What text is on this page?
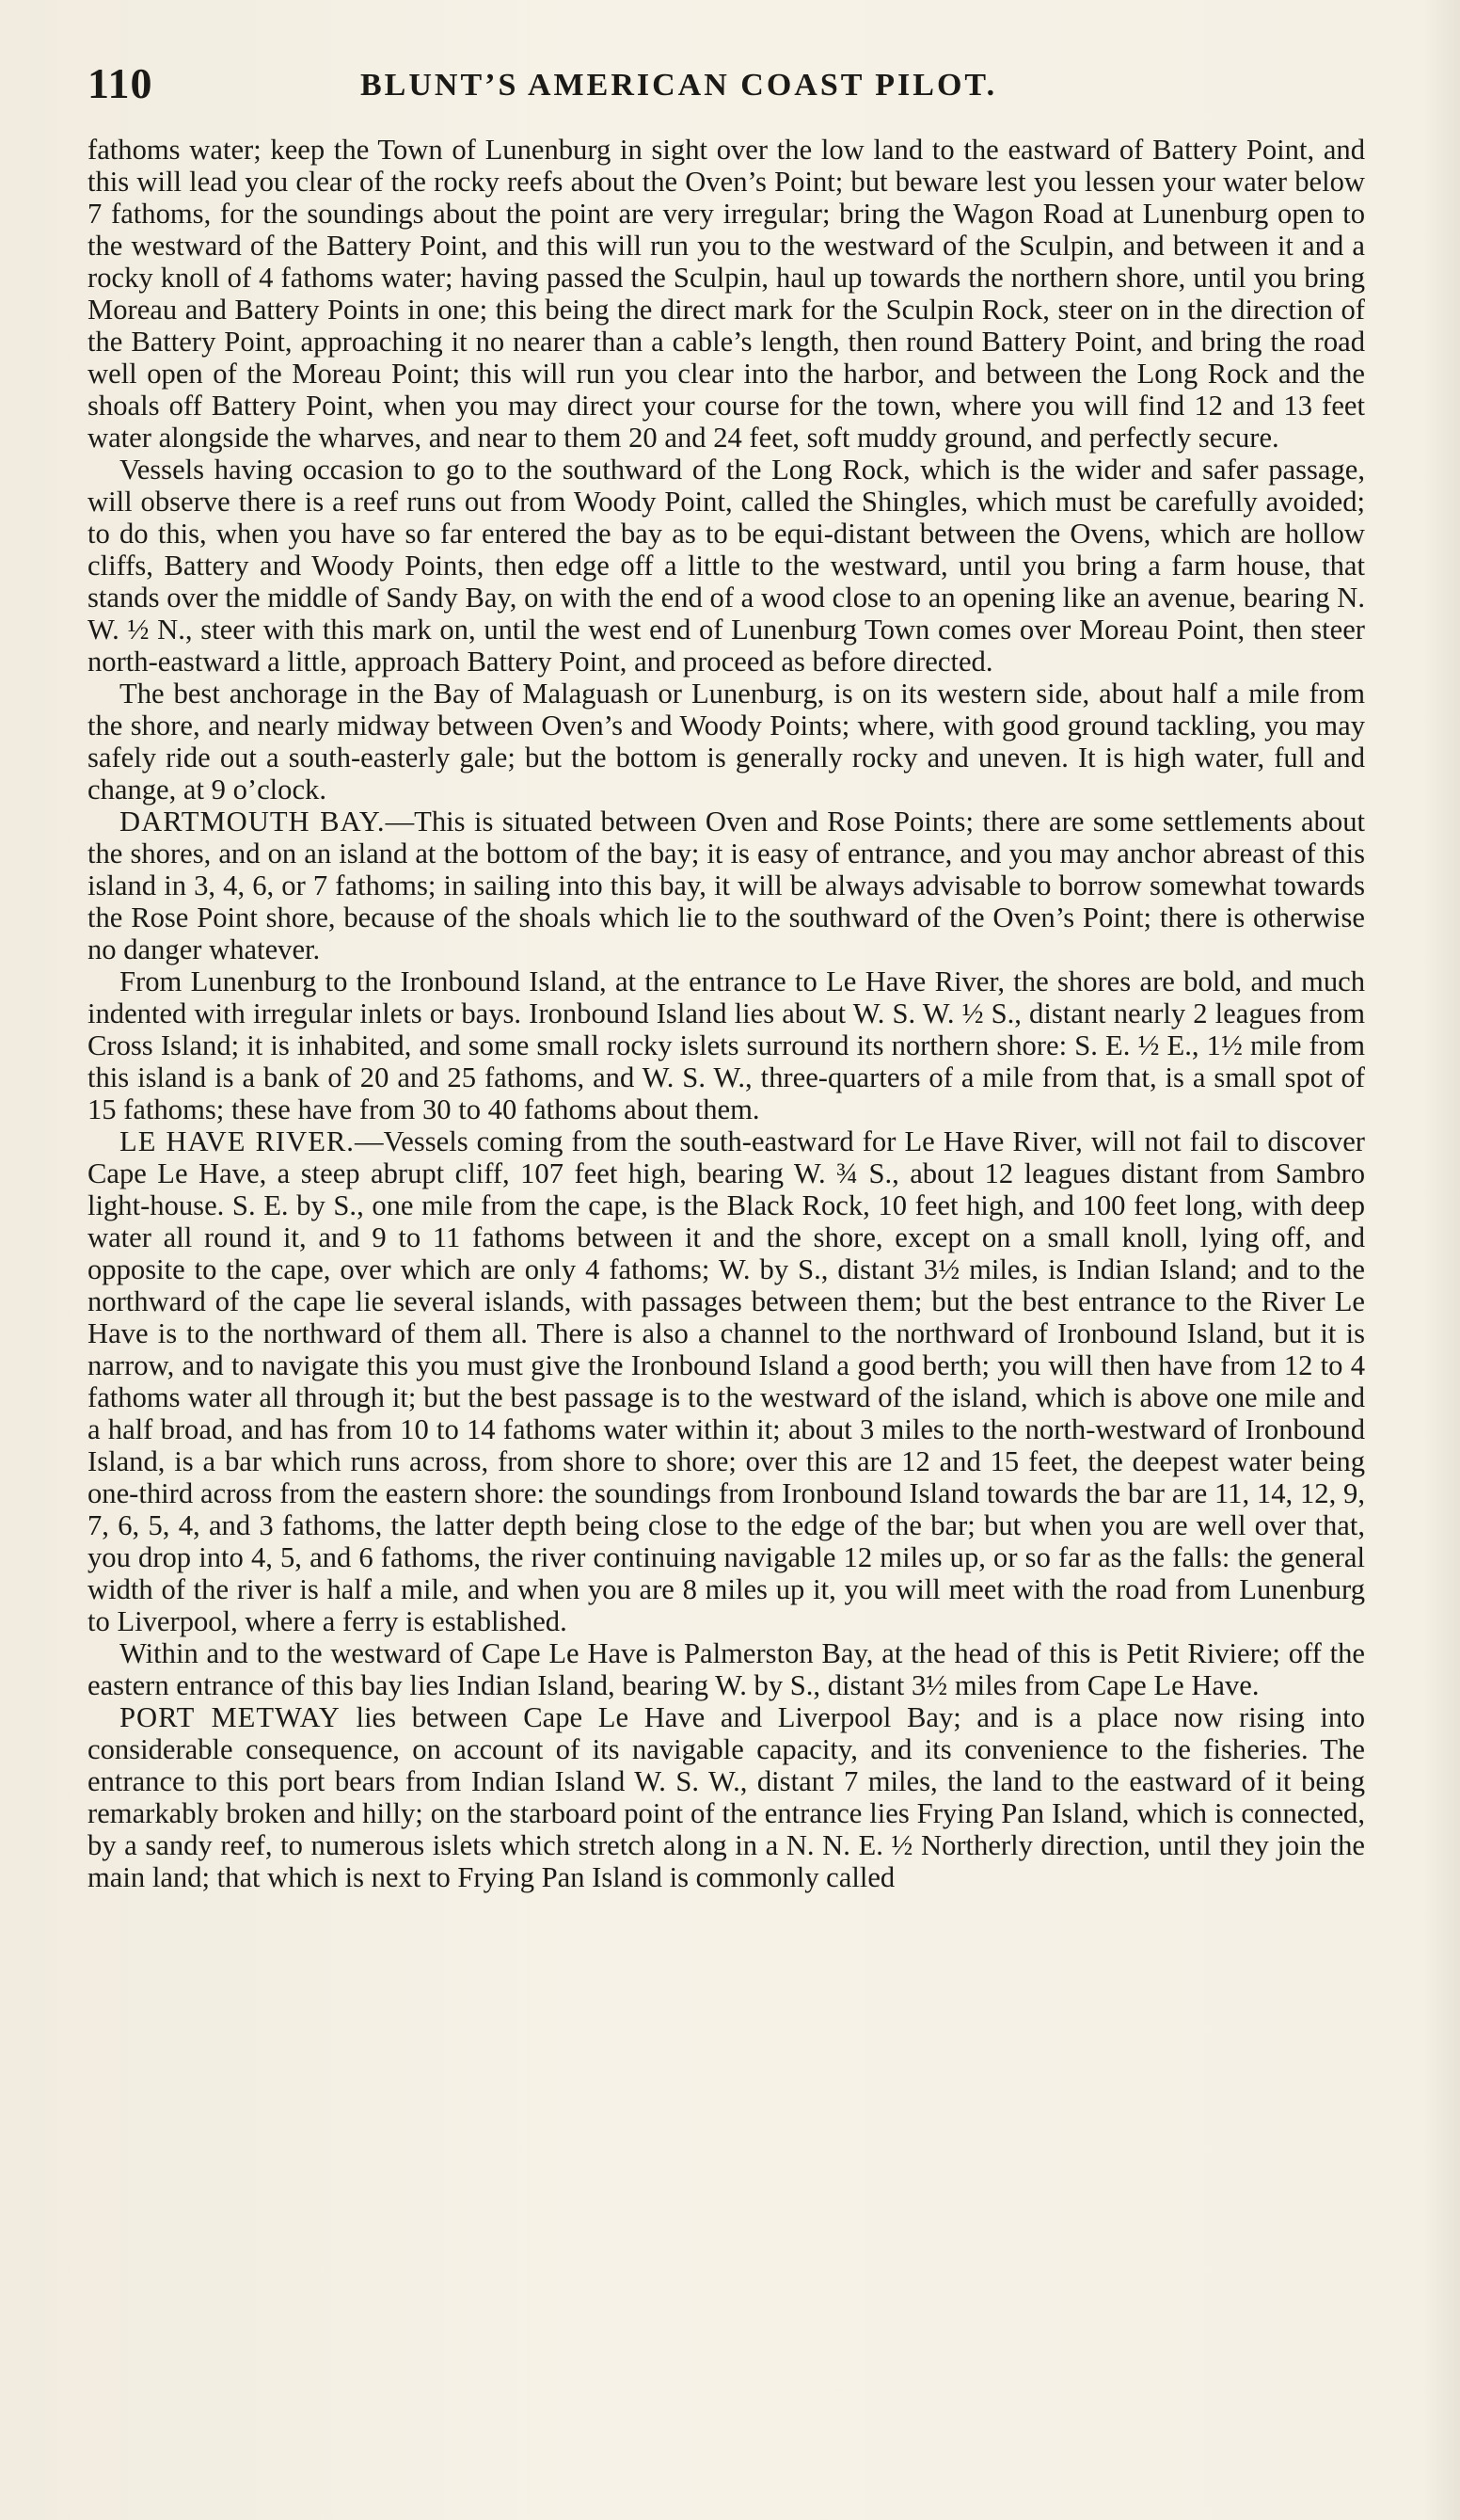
110	BLUNT’S AMERICAN COAST PILOT.

fathoms water; keep the Town of Lunenburg in sight over the low land to the eastward of Battery Point, and this will lead you clear of the rocky reefs about the Oven’s Point; but beware lest you lessen your water below 7 fathoms, for the soundings about the point are very irregular; bring the Wagon Road at Lunenburg open to the westward of the Battery Point, and this will run you to the westward of the Sculpin, and between it and a rocky knoll of 4 fathoms water; having passed the Sculpin, haul up towards the northern shore, until you bring Moreau and Battery Points in one; this being the direct mark for the Sculpin Rock, steer on in the direction of the Battery Point, approaching it no nearer than a cable’s length, then round Battery Point, and bring the road well open of the Moreau Point; this will run you clear into the harbor, and between the Long Rock and the shoals off Battery Point, when you may direct your course for the town, where you will find 12 and 13 feet water alongside the wharves, and near to them 20 and 24 feet, soft muddy ground, and perfectly secure.

Vessels having occasion to go to the southward of the Long Rock, which is the wider and safer passage, will observe there is a reef runs out from Woody Point, called the Shingles, which must be carefully avoided; to do this, when you have so far entered the bay as to be equi-distant between the Ovens, which are hollow cliffs, Battery and Woody Points, then edge off a little to the westward, until you bring a farm house, that stands over the middle of Sandy Bay, on with the end of a wood close to an opening like an avenue, bearing N. W. ½ N., steer with this mark on, until the west end of Lunenburg Town comes over Moreau Point, then steer north-eastward a little, approach Battery Point, and proceed as before directed.

The best anchorage in the Bay of Malaguash or Lunenburg, is on its western side, about half a mile from the shore, and nearly midway between Oven’s and Woody Points; where, with good ground tackling, you may safely ride out a south-easterly gale; but the bottom is generally rocky and uneven. It is high water, full and change, at 9 o’clock.

DARTMOUTH BAY.—This is situated between Oven and Rose Points; there are some settlements about the shores, and on an island at the bottom of the bay; it is easy of entrance, and you may anchor abreast of this island in 3, 4, 6, or 7 fathoms; in sailing into this bay, it will be always advisable to borrow somewhat towards the Rose Point shore, because of the shoals which lie to the southward of the Oven’s Point; there is otherwise no danger whatever.

From Lunenburg to the Ironbound Island, at the entrance to Le Have River, the shores are bold, and much indented with irregular inlets or bays. Ironbound Island lies about W. S. W. ½ S., distant nearly 2 leagues from Cross Island; it is inhabited, and some small rocky islets surround its northern shore: S. E. ½ E., 1½ mile from this island is a bank of 20 and 25 fathoms, and W. S. W., three-quarters of a mile from that, is a small spot of 15 fathoms; these have from 30 to 40 fathoms about them.

LE HAVE RIVER.—Vessels coming from the south-eastward for Le Have River, will not fail to discover Cape Le Have, a steep abrupt cliff, 107 feet high, bearing W. ¾ S., about 12 leagues distant from Sambro light-house. S. E. by S., one mile from the cape, is the Black Rock, 10 feet high, and 100 feet long, with deep water all round it, and 9 to 11 fathoms between it and the shore, except on a small knoll, lying off, and opposite to the cape, over which are only 4 fathoms; W. by S., distant 3½ miles, is Indian Island; and to the northward of the cape lie several islands, with passages between them; but the best entrance to the River Le Have is to the northward of them all. There is also a channel to the northward of Ironbound Island, but it is narrow, and to navigate this you must give the Ironbound Island a good berth; you will then have from 12 to 4 fathoms water all through it; but the best passage is to the westward of the island, which is above one mile and a half broad, and has from 10 to 14 fathoms water within it; about 3 miles to the north-westward of Ironbound Island, is a bar which runs across, from shore to shore; over this are 12 and 15 feet, the deepest water being one-third across from the eastern shore: the soundings from Ironbound Island towards the bar are 11, 14, 12, 9, 7, 6, 5, 4, and 3 fathoms, the latter depth being close to the edge of the bar; but when you are well over that, you drop into 4, 5, and 6 fathoms, the river continuing navigable 12 miles up, or so far as the falls: the general width of the river is half a mile, and when you are 8 miles up it, you will meet with the road from Lunenburg to Liverpool, where a ferry is established.

Within and to the westward of Cape Le Have is Palmerston Bay, at the head of this is Petit Riviere; off the eastern entrance of this bay lies Indian Island, bearing W. by S., distant 3½ miles from Cape Le Have.

PORT METWAY lies between Cape Le Have and Liverpool Bay; and is a place now rising into considerable consequence, on account of its navigable capacity, and its convenience to the fisheries. The entrance to this port bears from Indian Island W. S. W., distant 7 miles, the land to the eastward of it being remarkably broken and hilly; on the starboard point of the entrance lies Frying Pan Island, which is connected, by a sandy reef, to numerous islets which stretch along in a N. N. E. ½ Northerly direction, until they join the main land; that which is next to Frying Pan Island is commonly called
